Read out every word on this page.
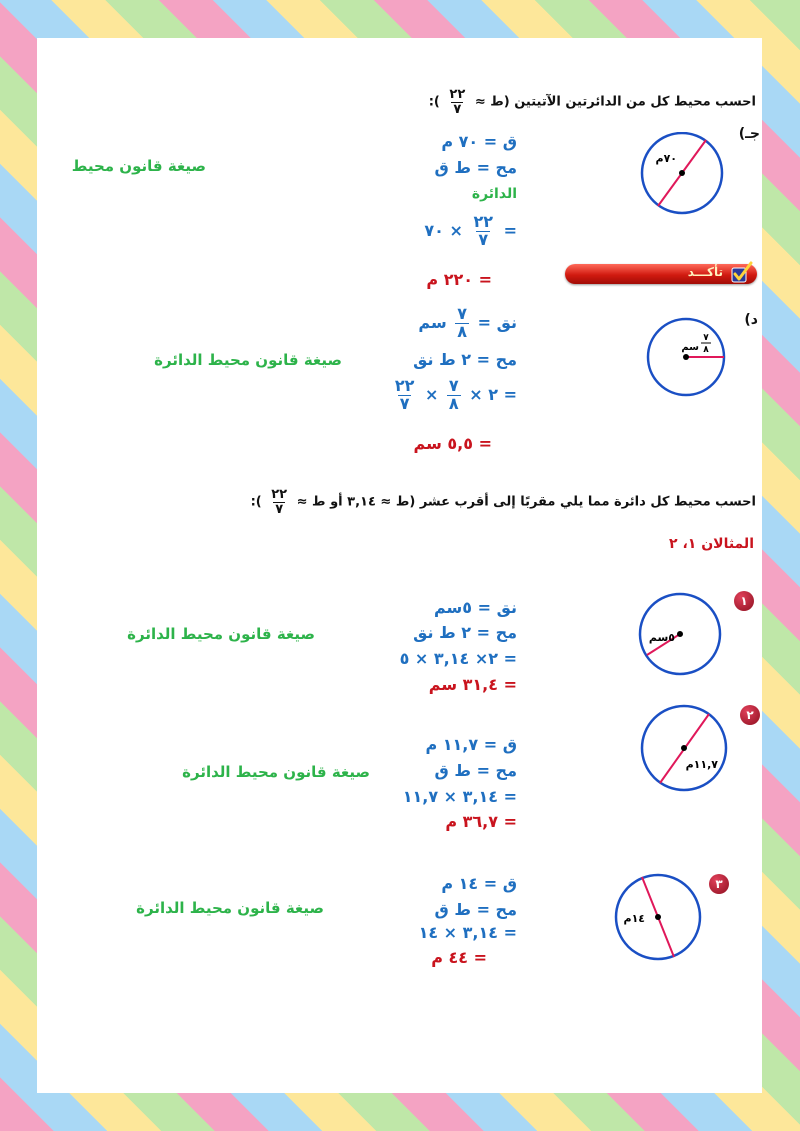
احسب محيط كل من الدائرتين الآتيتين (ط ≈
$\frac{٢٢}{٧}$
):
جـ)
٧٠م
ق = ٧٠ م
مح = ط ق
صيغة قانون محيط
الدائرة
=
$\frac{٢٢}{٧}$
× ٧٠
= ٢٢٠ م	تأكـــد
د)
٧
٨
سم
نق =
$\frac{٧}{٨}$
سم
مح = ٢ ط نق
صيغة قانون محيط الدائرة
= ٢ ×
$\frac{٧}{٨}$
×
$\frac{٢٢}{٧}$
= ٥,٥ سم
احسب محيط كل دائرة مما يلي مقربًا إلى أقرب عشر (ط ≈ ٣,١٤ أو ط ≈
$\frac{٢٢}{٧}$
):
المثالان ١، ٢
١
٥سم
نق = ٥سم
مح = ٢ ط نق
صيغة قانون محيط الدائرة
= ٢× ٣,١٤ × ٥
= ٣١,٤ سم
٢
١١,٧م
ق = ١١,٧ م
مح = ط ق
صيغة قانون محيط الدائرة
= ٣,١٤ × ١١,٧
= ٣٦,٧ م
٣
١٤م
ق = ١٤ م
مح = ط ق
صيغة قانون محيط الدائرة
= ٣,١٤ × ١٤
= ٤٤ م
